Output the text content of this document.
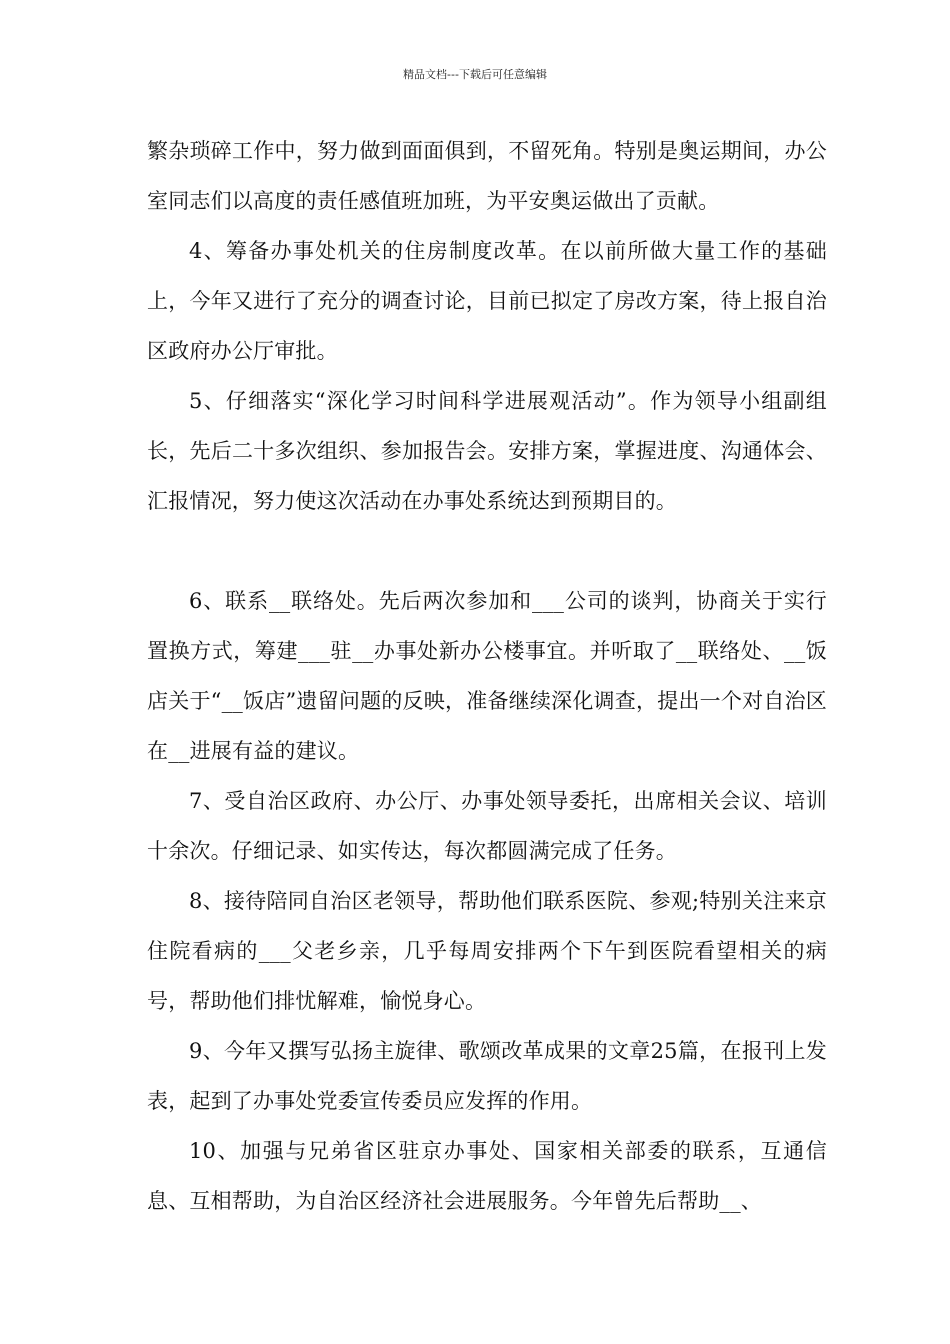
精品文档---下载后可任意编辑

繁杂琐碎工作中，努力做到面面俱到，不留死角。特别是奥运期间，办公室同志们以高度的责任感值班加班，为平安奥运做出了贡献。

4、筹备办事处机关的住房制度改革。在以前所做大量工作的基础上，今年又进行了充分的调查讨论，目前已拟定了房改方案，待上报自治区政府办公厅审批。

5、仔细落实“深化学习时间科学进展观活动”。作为领导小组副组长，先后二十多次组织、参加报告会。安排方案，掌握进度、沟通体会、汇报情况，努力使这次活动在办事处系统达到预期目的。

6、联系__联络处。先后两次参加和___公司的谈判，协商关于实行置换方式，筹建___驻__办事处新办公楼事宜。并听取了__联络处、__饭店关于“__饭店”遗留问题的反映，准备继续深化调查，提出一个对自治区在__进展有益的建议。

7、受自治区政府、办公厅、办事处领导委托，出席相关会议、培训十余次。仔细记录、如实传达，每次都圆满完成了任务。

8、接待陪同自治区老领导，帮助他们联系医院、参观;特别关注来京住院看病的___父老乡亲，几乎每周安排两个下午到医院看望相关的病号，帮助他们排忧解难，愉悦身心。

9、今年又撰写弘扬主旋律、歌颂改革成果的文章25篇，在报刊上发表，起到了办事处党委宣传委员应发挥的作用。

10、加强与兄弟省区驻京办事处、国家相关部委的联系，互通信息、互相帮助，为自治区经济社会进展服务。今年曾先后帮助__、
